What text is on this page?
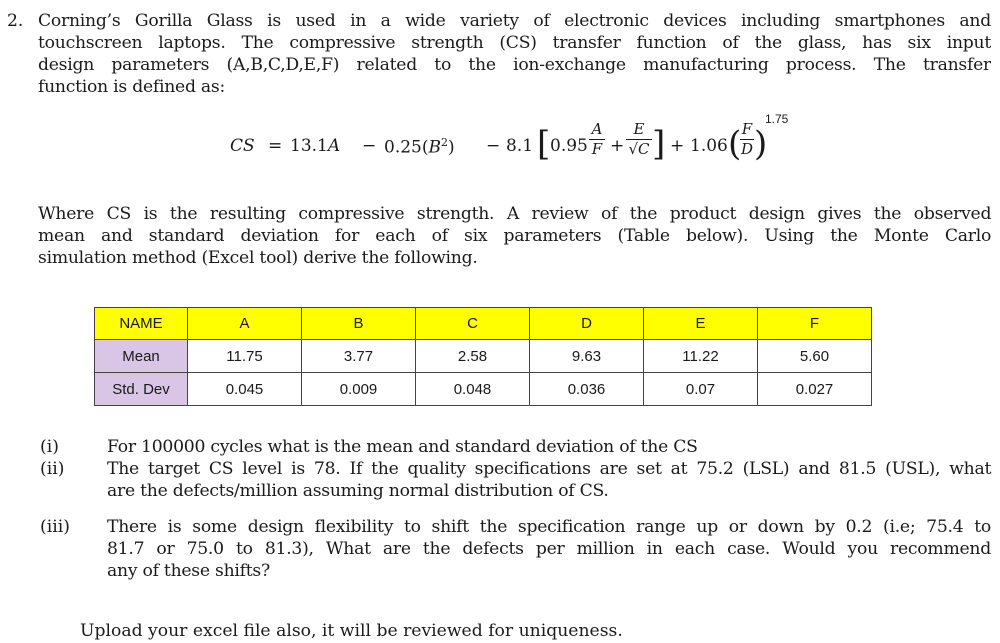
2. Corning’s Gorilla Glass is used in a wide variety of electronic devices including smartphones and
touchscreen laptops. The compressive strength (CS) transfer function of the glass, has six input
design parameters (A,B,C,D,E,F) related to the ion-exchange manufacturing process. The transfer
function is defined as:
CS = $13.1A - 0.25(B^2) - 8.1$ [ 0.95
A
F +
E
√C ] + 1.06 ( F
D )
1.75
Where CS is the resulting compressive strength. A review of the product design gives the observed
mean and standard deviation for each of six parameters (Table below). Using the Monte Carlo
simulation method (Excel tool) derive the following.
NAME	A	B	C	D	E	F
Mean	11.75	3.77	2.58	9.63	11.22	5.60
Std. Dev	0.045	0.009	0.048	0.036	0.07	0.027
(i)	For 100000 cycles what is the mean and standard deviation of the CS
(ii) The target CS level is 78. If the quality specifications are set at 75.2 (LSL) and 81.5 (USL), what
are the defects/million assuming normal distribution of CS.
(iii) There is some design flexibility to shift the specification range up or down by 0.2 (i.e; 75.4 to
81.7 or 75.0 to 81.3), What are the defects per million in each case. Would you recommend
any of these shifts?
Upload your excel file also, it will be reviewed for uniqueness.
